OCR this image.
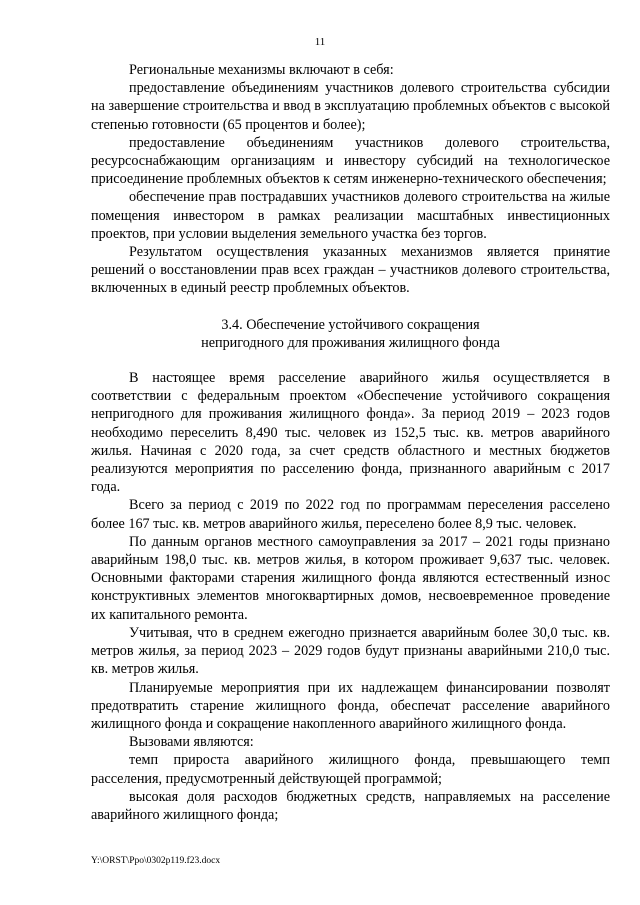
11

Региональные механизмы включают в себя:

предоставление объединениям участников долевого строительства субсидии на завершение строительства и ввод в эксплуатацию проблемных объектов с высокой степенью готовности (65 процентов и более);

предоставление объединениям участников долевого строительства, ресурсоснабжающим организациям и инвестору субсидий на технологическое присоединение проблемных объектов к сетям инженерно-технического обеспечения;

обеспечение прав пострадавших участников долевого строительства на жилые помещения инвестором в рамках реализации масштабных инвестиционных проектов, при условии выделения земельного участка без торгов.

Результатом осуществления указанных механизмов является принятие решений о восстановлении прав всех граждан – участников долевого строительства, включенных в единый реестр проблемных объектов.

3.4. Обеспечение устойчивого сокращения
непригодного для проживания жилищного фонда

В настоящее время расселение аварийного жилья осуществляется в соответствии с федеральным проектом «Обеспечение устойчивого сокращения непригодного для проживания жилищного фонда». За период 2019 – 2023 годов необходимо переселить 8,490 тыс. человек из 152,5 тыс. кв. метров аварийного жилья. Начиная с 2020 года, за счет средств областного и местных бюджетов реализуются мероприятия по расселению фонда, признанного аварийным с 2017 года.

Всего за период с 2019 по 2022 год по программам переселения расселено более 167 тыс. кв. метров аварийного жилья, переселено более 8,9 тыс. человек.

По данным органов местного самоуправления за 2017 – 2021 годы признано аварийным 198,0 тыс. кв. метров жилья, в котором проживает 9,637 тыс. человек. Основными факторами старения жилищного фонда являются естественный износ конструктивных элементов многоквартирных домов, несвоевременное проведение их капитального ремонта.

Учитывая, что в среднем ежегодно признается аварийным более 30,0 тыс. кв. метров жилья, за период 2023 – 2029 годов будут признаны аварийными 210,0 тыс. кв. метров жилья.

Планируемые мероприятия при их надлежащем финансировании позволят предотвратить старение жилищного фонда, обеспечат расселение аварийного жилищного фонда и сокращение накопленного аварийного жилищного фонда.

Вызовами являются:

темп прироста аварийного жилищного фонда, превышающего темп расселения, предусмотренный действующей программой;

высокая доля расходов бюджетных средств, направляемых на расселение аварийного жилищного фонда;

Y:\ORST\Ppo\0302p119.f23.docx
